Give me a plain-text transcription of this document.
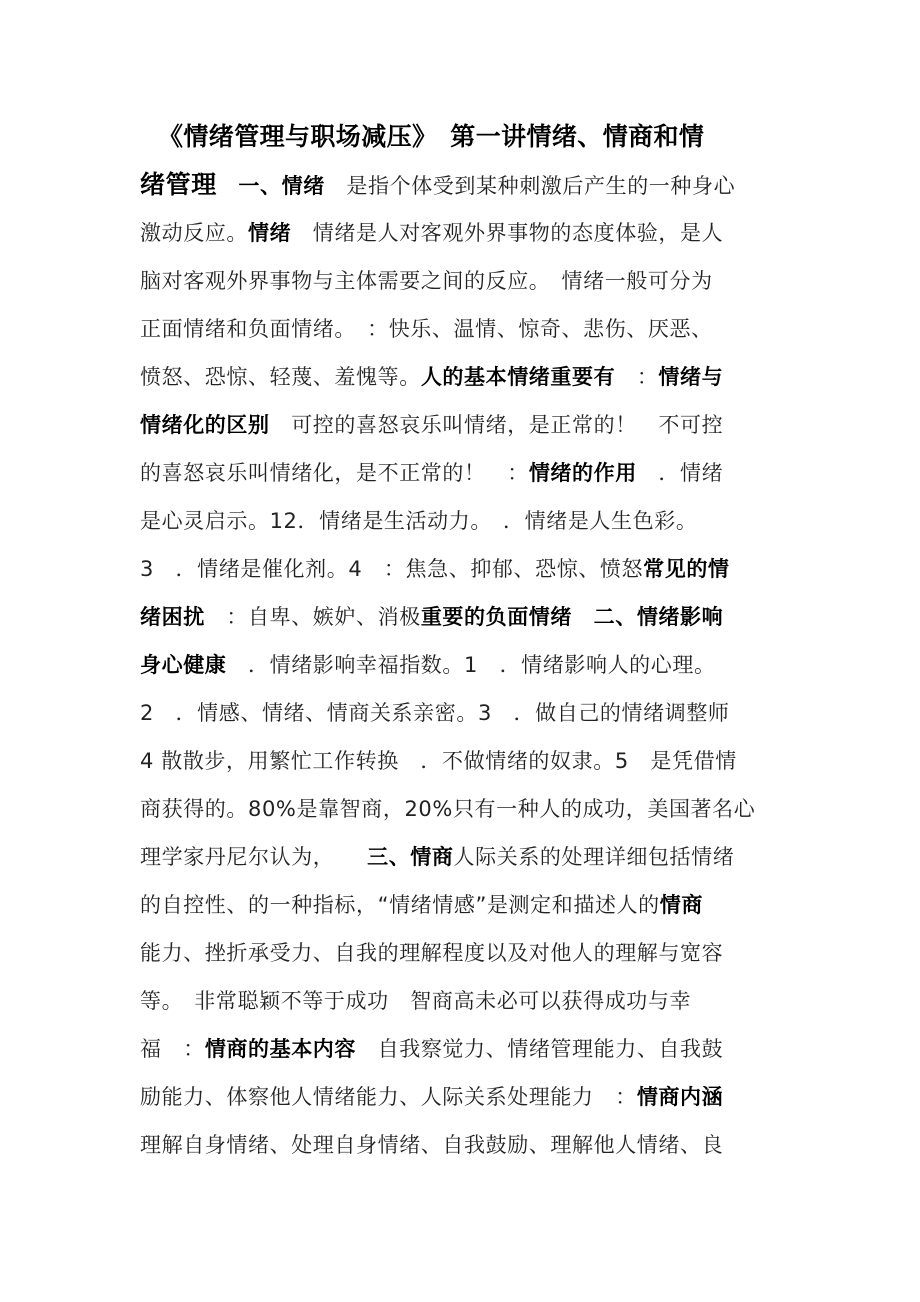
《情绪管理与职场减压》　第一讲情绪、情商和情
绪管理　一、情绪　是指个体受到某种刺激后产生的一种身心
激动反应。情绪　情绪是人对客观外界事物的态度体验，是人
脑对客观外界事物与主体需要之间的反应。　情绪一般可分为
正面情绪和负面情绪。　：快乐、温情、惊奇、悲伤、厌恶、
愤怒、恐惊、轻蔑、羞愧等。人的基本情绪重要有　：情绪与
情绪化的区别　可控的喜怒哀乐叫情绪，是正常的！　不可控
的喜怒哀乐叫情绪化，是不正常的！　：情绪的作用　．情绪
是心灵启示。12．情绪是生活动力。　．情绪是人生色彩。
3　．情绪是催化剂。4　：焦急、抑郁、恐惊、愤怒常见的情
绪困扰　：自卑、嫉妒、消极重要的负面情绪　二、情绪影响
身心健康　．情绪影响幸福指数。1　．情绪影响人的心理。
2　．情感、情绪、情商关系亲密。3　．做自己的情绪调整师
4 散散步，用繁忙工作转换　．不做情绪的奴隶。5　是凭借情
商获得的。80%是靠智商，20%只有一种人的成功，美国著名心
理学家丹尼尔认为，　　三、情商人际关系的处理详细包括情绪
的自控性、的一种指标，“情绪情感”是测定和描述人的情商
能力、挫折承受力、自我的理解程度以及对他人的理解与宽容
等。　非常聪颖不等于成功　智商高未必可以获得成功与幸
福　：情商的基本内容　自我察觉力、情绪管理能力、自我鼓
励能力、体察他人情绪能力、人际关系处理能力　：情商内涵
理解自身情绪、处理自身情绪、自我鼓励、理解他人情绪、良
